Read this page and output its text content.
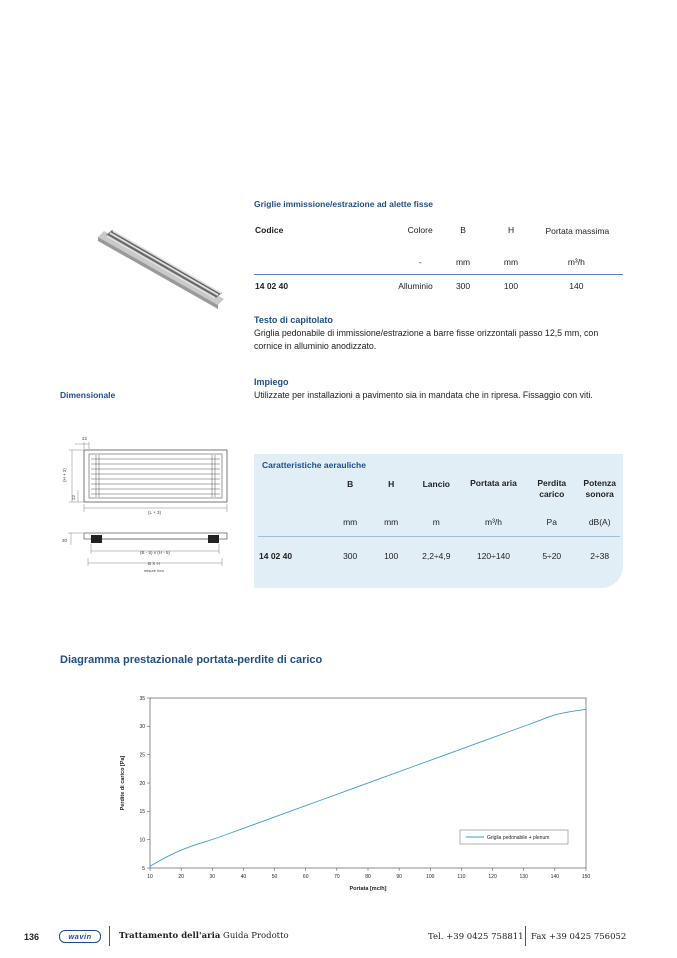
Griglie immissione/estrazione ad alette fisse
Codice	Colore	B	H	Portata massima
	-	mm	mm	m³/h
14 02 40	Alluminio	300	100	140
Testo di capitolato
Griglia pedonabile di immissione/estrazione a barre fisse orizzontali passo 12,5 mm, con cornice in alluminio anodizzato.
Impiego
Utilizzate per installazioni a pavimento sia in mandata che in ripresa. Fissaggio con viti.
Dimensionale
22
(H + 3)
22
(L + 3)
30
(B - 5) x (H - 5)
B X H
misure foro
Caratteristiche aerauliche
	B	H	Lancio	Portata aria	Perdita carico	Potenza sonora
	mm	mm	m	m³/h	Pa	dB(A)
14 02 40	300	100	2,2÷4,9	120÷140	5÷20	2÷38
Diagramma prestazionale portata-perdite di carico
10	20	30	40	50	60	70	80	90	100	110	120	130	140	150
5
10
15
20
25
30
35
Portata [mc/h]
Perdite di carico [Pa]
Griglia pedonabile + plenum
136	wavin	Trattamento dell'aria Guida Prodotto	Tel. +39 0425 758811 Fax +39 0425 756052
